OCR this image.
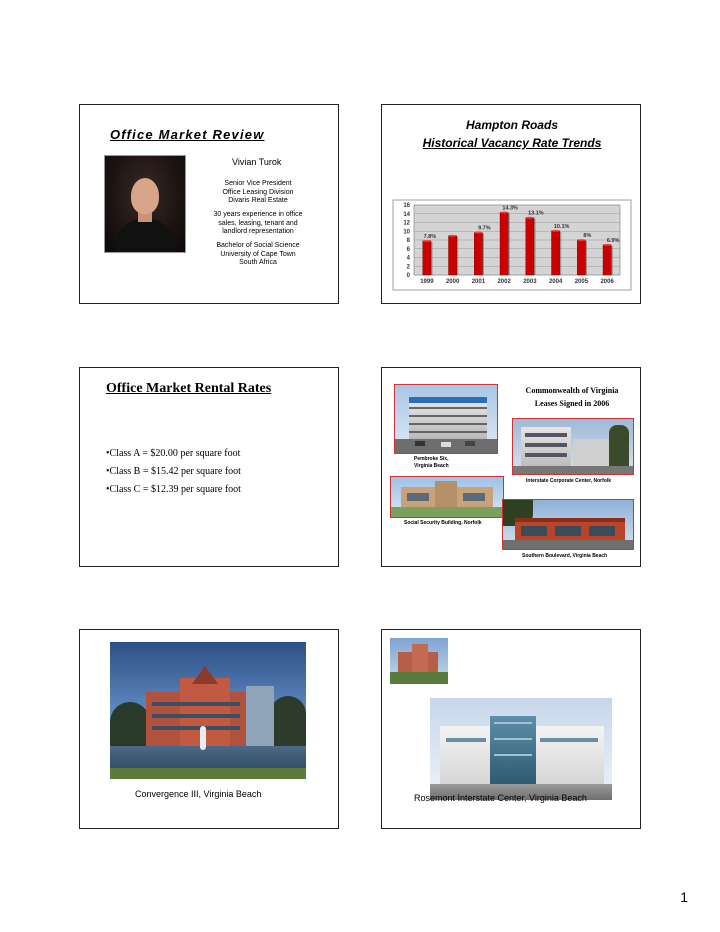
Office Market Review
Vivian Turok
Senior Vice President
Office Leasing Division
Divaris Real Estate
30 years experience in office
sales, leasing, tenant and
landlord representation
Bachelor of Social Science
University of Cape Town
South Africa
Hampton Roads
Historical Vacancy Rate Trends
0
2
4
6
8
10
12
14
16
1999
7.8%
2000 2001
9.7%
2002
14.3%
2003
13.1%
2004
10.1%
2005
8%
2006
6.9%
Office Market Rental Rates
•Class A = $20.00 per square foot
•Class B = $15.42 per square foot
•Class C = $12.39 per square foot
Commonwealth of Virginia
Leases Signed in 2006
Pembroke Six,
Virginia Beach
Interstate Corporate Center, Norfolk
Social Security Building, Norfolk
Southern Boulevard, Virginia Beach
Convergence III, Virginia Beach	Rosemont Interstate Center, Virginia Beach
1
